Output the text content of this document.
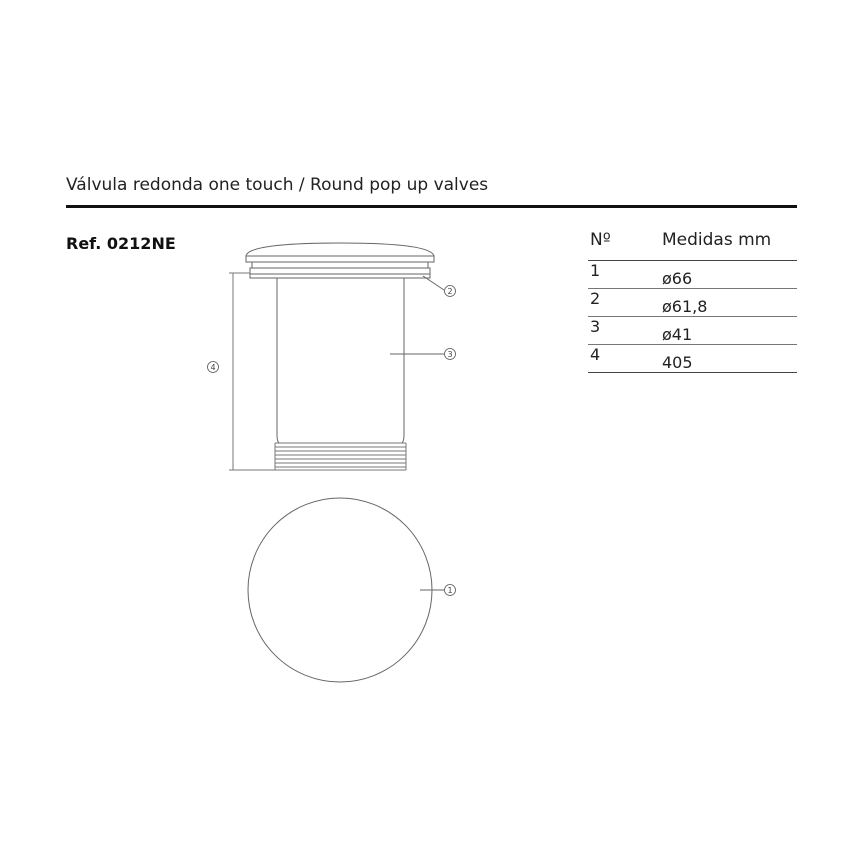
Válvula redonda one touch / Round pop up valves
Ref. 0212NE
2
3
4
1
Nº	Medidas mm
1	ø66
2	ø61,8
3	ø41
4	405
